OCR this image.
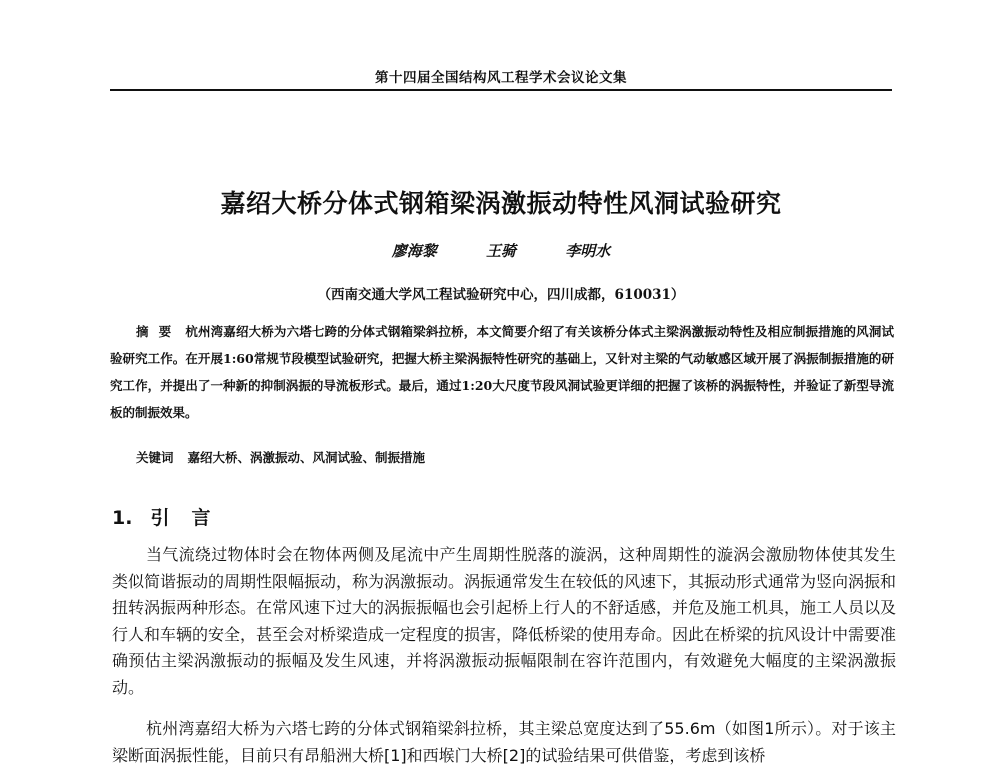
第十四届全国结构风工程学术会议论文集
嘉绍大桥分体式钢箱梁涡激振动特性风洞试验研究
廖海黎	王骑	李明水
（西南交通大学风工程试验研究中心，四川成都，610031）
摘要 杭州湾嘉绍大桥为六塔七跨的分体式钢箱梁斜拉桥，本文简要介绍了有关该桥分体式主梁涡激振动特性及相应制振措施的风洞试验研究工作。在开展1:60常规节段模型试验研究，把握大桥主梁涡振特性研究的基础上，又针对主梁的气动敏感区域开展了涡振制振措施的研究工作，并提出了一种新的抑制涡振的导流板形式。最后，通过1:20大尺度节段风洞试验更详细的把握了该桥的涡振特性，并验证了新型导流板的制振效果。
关键词 嘉绍大桥、涡激振动、风洞试验、制振措施
1. 引言
当气流绕过物体时会在物体两侧及尾流中产生周期性脱落的漩涡，这种周期性的漩涡会激励物体使其发生类似简谐振动的周期性限幅振动，称为涡激振动。涡振通常发生在较低的风速下，其振动形式通常为竖向涡振和扭转涡振两种形态。在常风速下过大的涡振振幅也会引起桥上行人的不舒适感，并危及施工机具，施工人员以及行人和车辆的安全，甚至会对桥梁造成一定程度的损害，降低桥梁的使用寿命。因此在桥梁的抗风设计中需要准确预估主梁涡激振动的振幅及发生风速，并将涡激振动振幅限制在容许范围内，有效避免大幅度的主梁涡激振动。
杭州湾嘉绍大桥为六塔七跨的分体式钢箱梁斜拉桥，其主梁总宽度达到了55.6m（如图1所示）。对于该主梁断面涡振性能，目前只有昂船洲大桥[1]和西堠门大桥[2]的试验结果可供借鉴，考虑到该桥
